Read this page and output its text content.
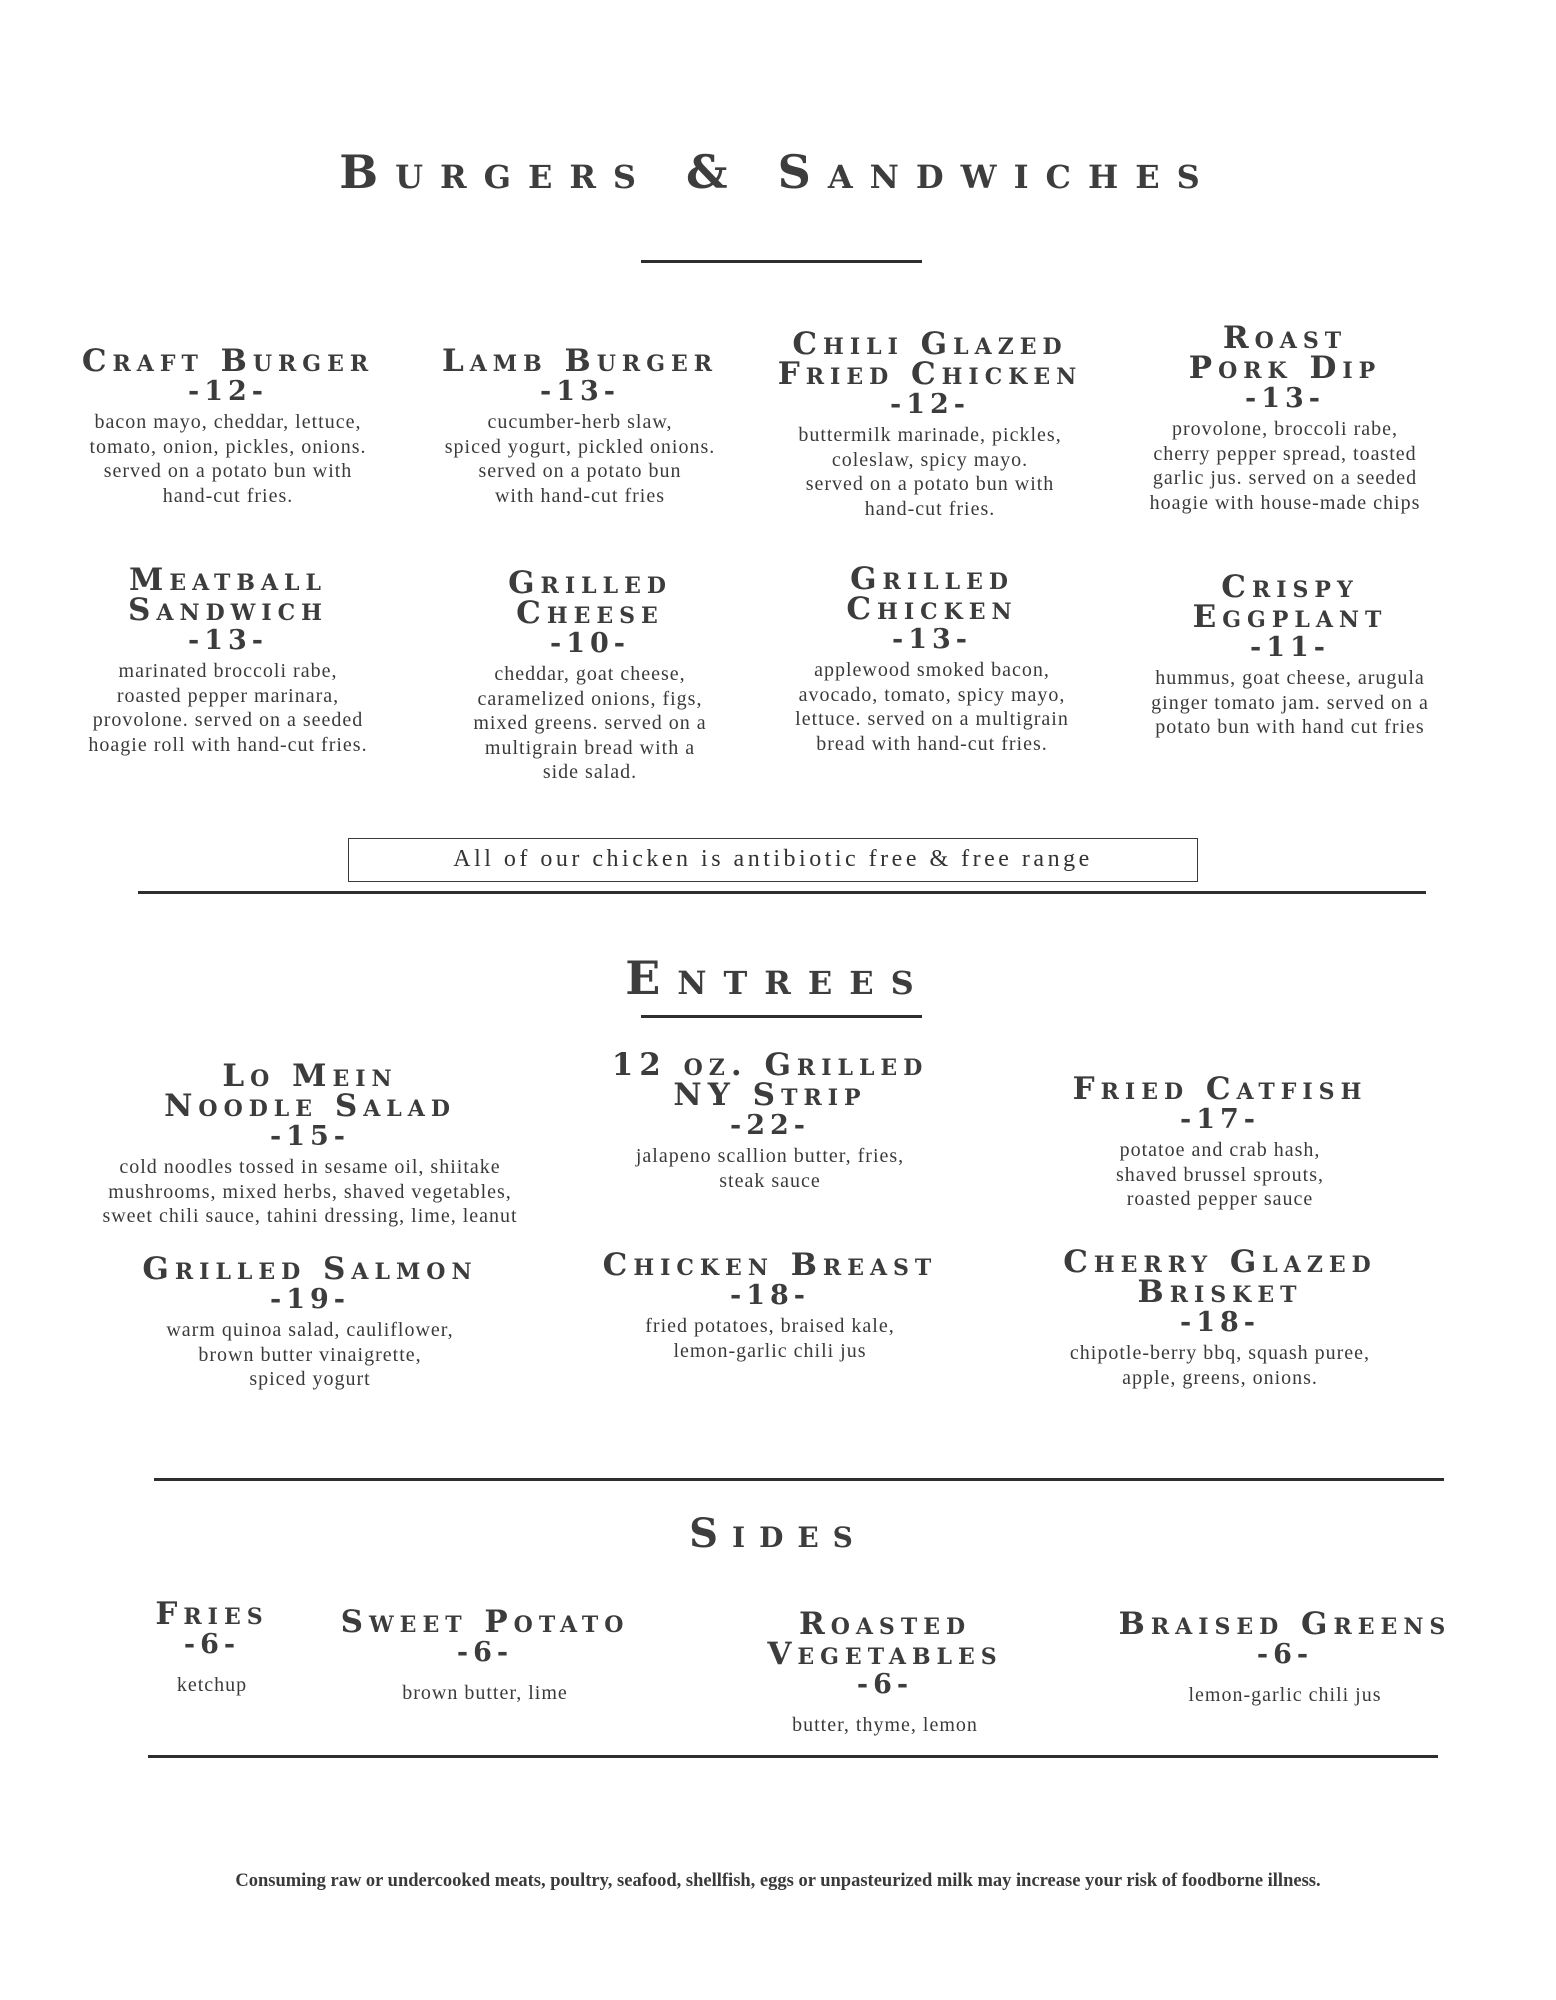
Burgers & Sandwiches
Craft Burger
-12-
bacon mayo, cheddar, lettuce,
tomato, onion, pickles, onions.
served on a potato bun with
hand-cut fries.
Lamb Burger
-13-
cucumber-herb slaw,
spiced yogurt, pickled onions.
served on a potato bun
with hand-cut fries
Chili Glazed
Fried Chicken
-12-
buttermilk marinade, pickles,
coleslaw, spicy mayo.
served on a potato bun with
hand-cut fries.
Roast
Pork Dip
-13-
provolone, broccoli rabe,
cherry pepper spread, toasted
garlic jus. served on a seeded
hoagie with house-made chips
Meatball
Sandwich
-13-
marinated broccoli rabe,
roasted pepper marinara,
provolone. served on a seeded
hoagie roll with hand-cut fries.
Grilled
Cheese
-10-
cheddar, goat cheese,
caramelized onions, figs,
mixed greens. served on a
multigrain bread with a
side salad.
Grilled
Chicken
-13-
applewood smoked bacon,
avocado, tomato, spicy mayo,
lettuce. served on a multigrain
bread with hand-cut fries.
Crispy
Eggplant
-11-
hummus, goat cheese, arugula
ginger tomato jam. served on a
potato bun with hand cut fries
All of our chicken is antibiotic free & free range
Entrees
Lo Mein
Noodle Salad
-15-
cold noodles tossed in sesame oil, shiitake
mushrooms, mixed herbs, shaved vegetables,
sweet chili sauce, tahini dressing, lime, leanut
12 oz. Grilled
NY Strip
-22-
jalapeno scallion butter, fries,
steak sauce
Fried Catfish
-17-
potatoe and crab hash,
shaved brussel sprouts,
roasted pepper sauce
Grilled Salmon
-19-
warm quinoa salad, cauliflower,
brown butter vinaigrette,
spiced yogurt
Chicken Breast
-18-
fried potatoes, braised kale,
lemon-garlic chili jus
Cherry Glazed
Brisket
-18-
chipotle-berry bbq, squash puree,
apple, greens, onions.
Sides
Fries
-6-
ketchup
Sweet Potato
-6-
brown butter, lime
Roasted Vegetables
-6-
butter, thyme, lemon
Braised Greens
-6-
lemon-garlic chili jus
Consuming raw or undercooked meats, poultry, seafood, shellfish, eggs or unpasteurized milk may increase your risk of foodborne illness.
